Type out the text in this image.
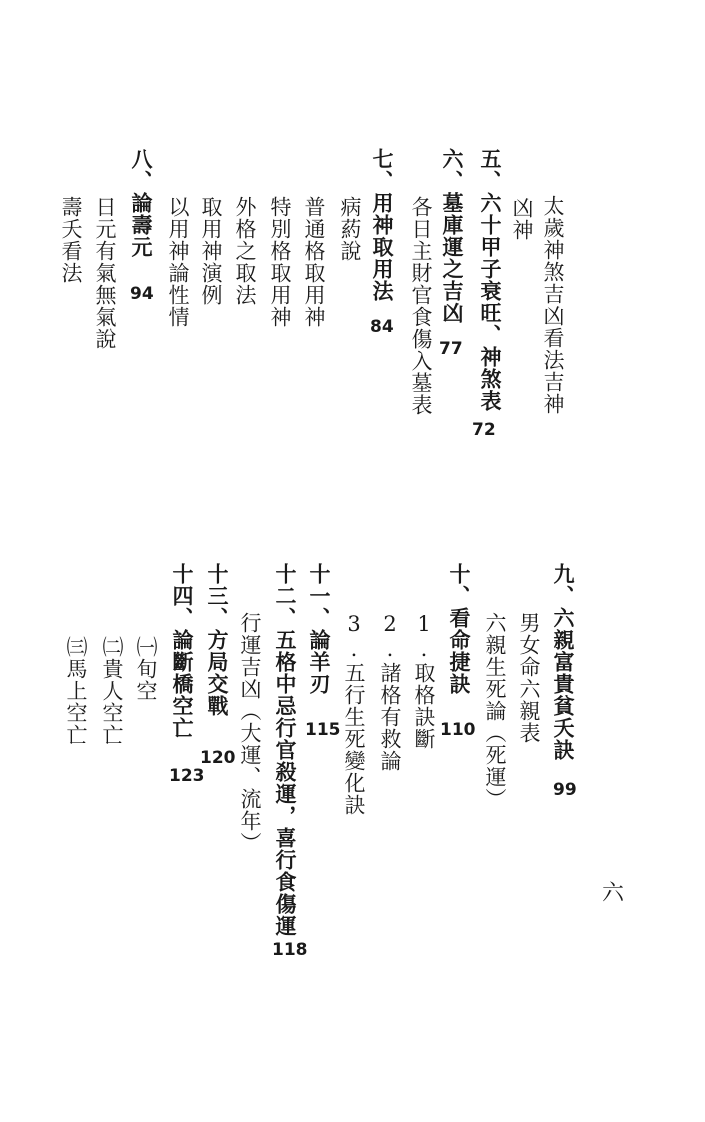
太歲神煞吉凶看法吉神
凶神
五、六十甲子衰旺、神煞表
72
六、墓庫運之吉凶
77
各日主財官食傷入墓表
七、用神取用法
84
病葯說
普通格取用神
特別格取用神
外格之取法
取用神演例
以用神論性情
八、論壽元
94
日元有氣無氣說
壽夭看法
九、六親富貴貧夭訣
99
男女命六親表
六親生死論（死運）
十、看命捷訣
110
1.取格訣斷
2.諸格有救論
3.五行生死變化訣
十一、論羊刃
115
十二、五格中忌行官殺運，喜行食傷運
行運吉凶（大運、流年）
118
十三、方局交戰
120
十四、論斷橋空亡
123
㈠旬空
㈡貴人空亡
㈢馬上空亡
六
